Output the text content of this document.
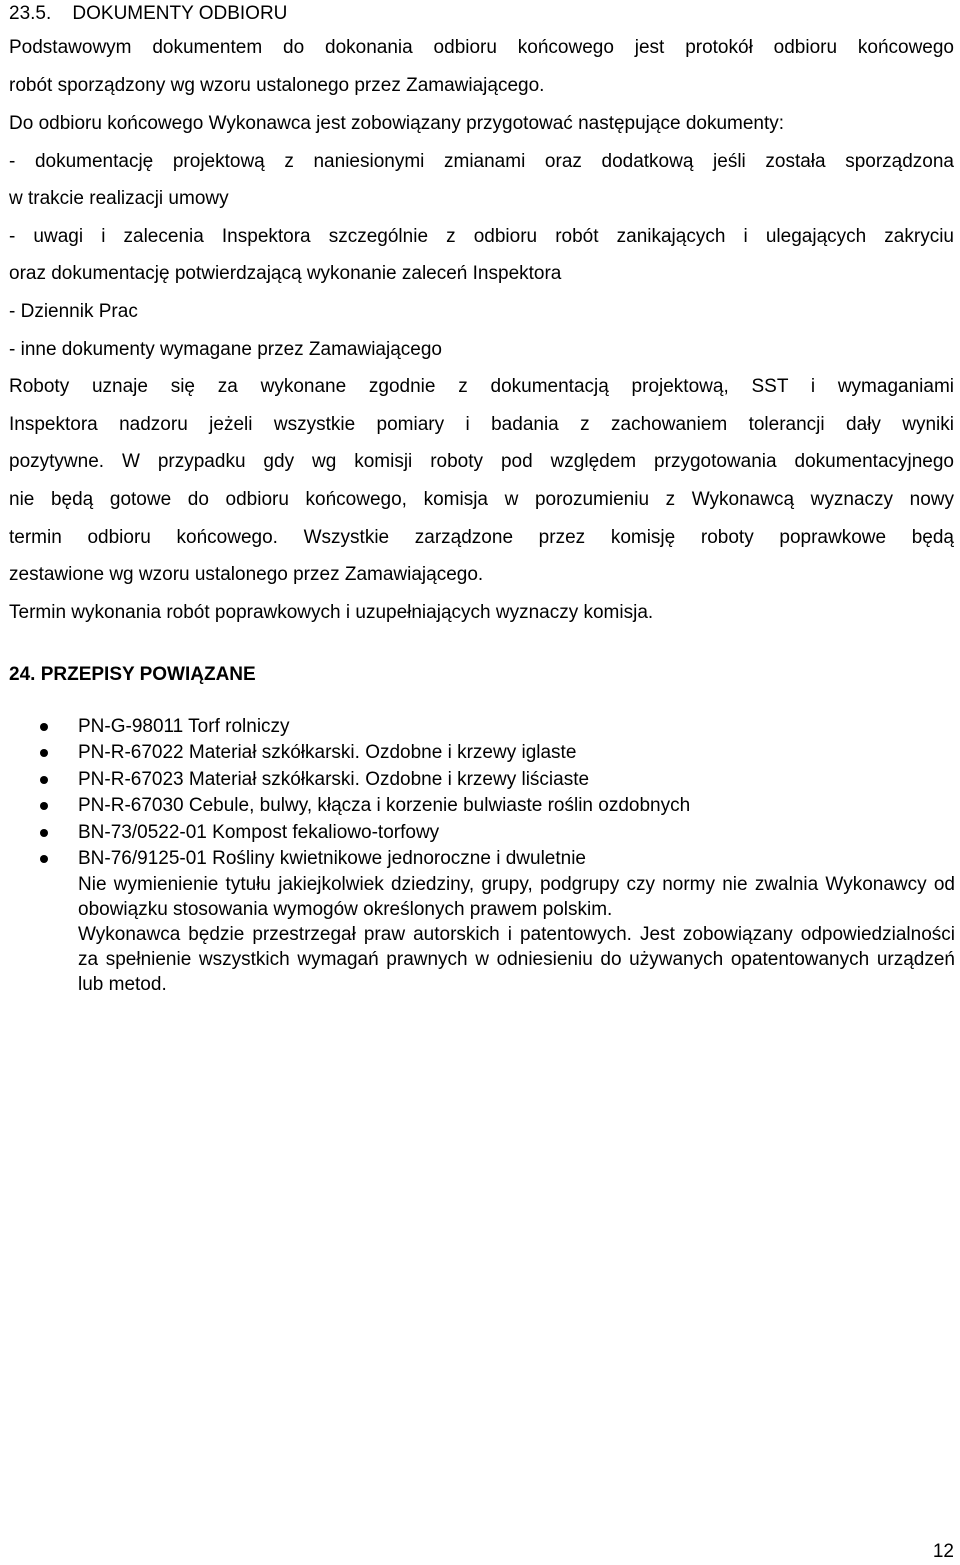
23.5. DOKUMENTY ODBIORU
Podstawowym dokumentem do dokonania odbioru końcowego jest protokół odbioru końcowego
robót sporządzony wg wzoru ustalonego przez Zamawiającego.
Do odbioru końcowego Wykonawca jest zobowiązany przygotować następujące dokumenty:
- dokumentację projektową z naniesionymi zmianami oraz dodatkową jeśli została sporządzona
w trakcie realizacji umowy
- uwagi i zalecenia Inspektora szczególnie z odbioru robót zanikających i ulegających zakryciu
oraz dokumentację potwierdzającą wykonanie zaleceń Inspektora
- Dziennik Prac
- inne dokumenty wymagane przez Zamawiającego
Roboty uznaje się za wykonane zgodnie z dokumentacją projektową, SST i wymaganiami
Inspektora nadzoru jeżeli wszystkie pomiary i badania z zachowaniem tolerancji dały wyniki
pozytywne. W przypadku gdy wg komisji roboty pod względem przygotowania dokumentacyjnego
nie będą gotowe do odbioru końcowego, komisja w porozumieniu z Wykonawcą wyznaczy nowy
termin odbioru końcowego. Wszystkie zarządzone przez komisję roboty poprawkowe będą
zestawione wg wzoru ustalonego przez Zamawiającego.
Termin wykonania robót poprawkowych i uzupełniających wyznaczy komisja.
24. PRZEPISY POWIĄZANE
PN-G-98011 Torf rolniczy
PN-R-67022 Materiał szkółkarski. Ozdobne i krzewy iglaste
PN-R-67023 Materiał szkółkarski. Ozdobne i krzewy liściaste
PN-R-67030 Cebule, bulwy, kłącza i korzenie bulwiaste roślin ozdobnych
BN-73/0522-01 Kompost fekaliowo-torfowy
BN-76/9125-01 Rośliny kwietnikowe jednoroczne i dwuletnie
Nie wymienienie tytułu jakiejkolwiek dziedziny, grupy, podgrupy czy normy nie zwalnia Wykonawcy od obowiązku stosowania wymogów określonych prawem polskim.
Wykonawca będzie przestrzegał praw autorskich i patentowych. Jest zobowiązany odpowiedzialności za spełnienie wszystkich wymagań prawnych w odniesieniu do używanych opatentowanych urządzeń lub metod.
12
